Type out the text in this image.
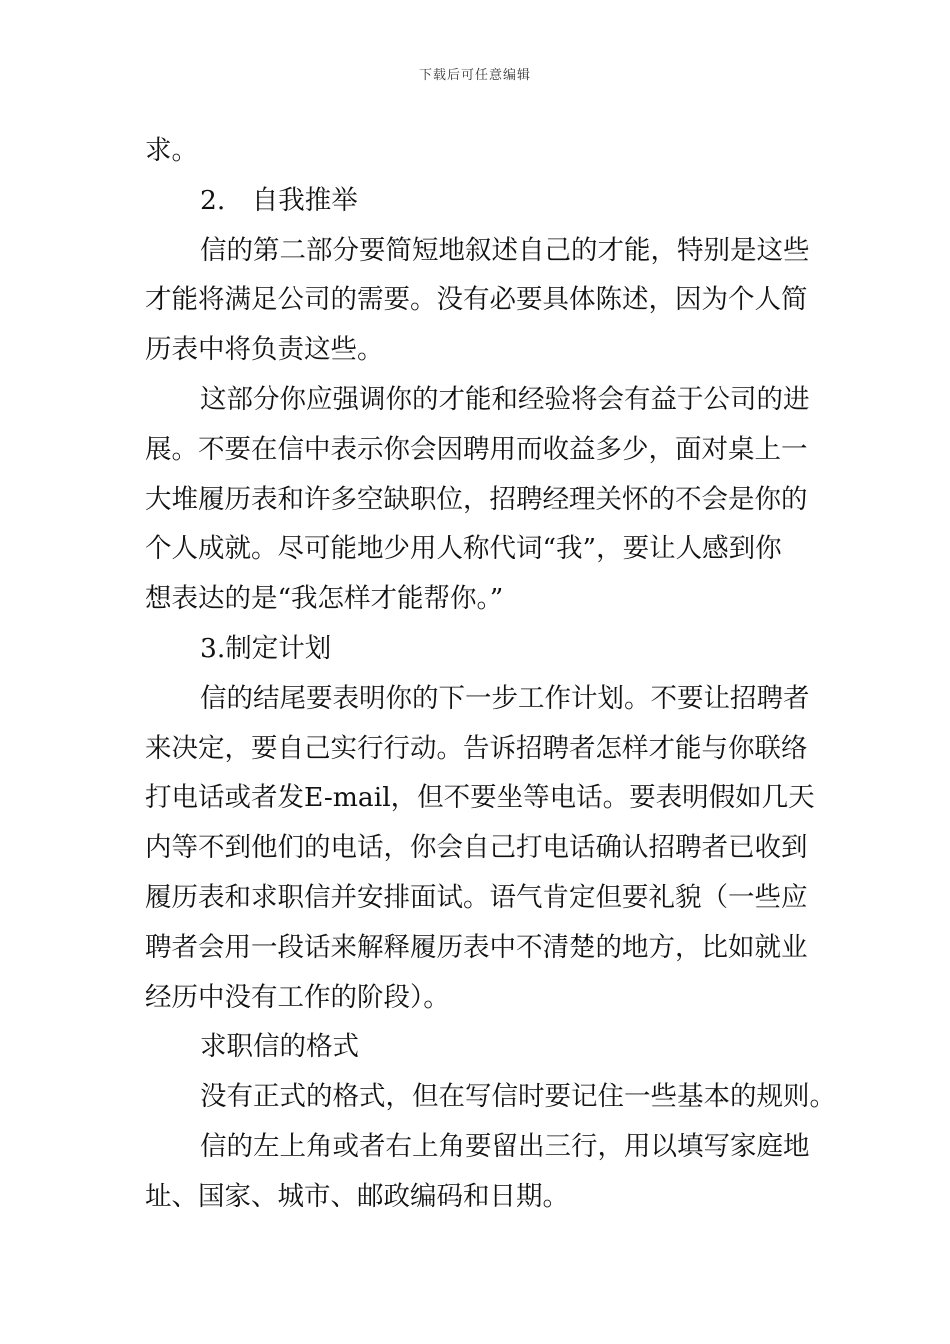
下载后可任意编辑
求。
2.　自我推举
信的第二部分要简短地叙述自己的才能，特别是这些
才能将满足公司的需要。没有必要具体陈述，因为个人简
历表中将负责这些。
这部分你应强调你的才能和经验将会有益于公司的进
展。不要在信中表示你会因聘用而收益多少，面对桌上一
大堆履历表和许多空缺职位，招聘经理关怀的不会是你的
个人成就。尽可能地少用人称代词“我”，要让人感到你
想表达的是“我怎样才能帮你。”
3.制定计划
信的结尾要表明你的下一步工作计划。不要让招聘者
来决定，要自己实行行动。告诉招聘者怎样才能与你联络
打电话或者发E-mail，但不要坐等电话。要表明假如几天
内等不到他们的电话，你会自己打电话确认招聘者已收到
履历表和求职信并安排面试。语气肯定但要礼貌（一些应
聘者会用一段话来解释履历表中不清楚的地方，比如就业
经历中没有工作的阶段）。
求职信的格式
没有正式的格式，但在写信时要记住一些基本的规则。
信的左上角或者右上角要留出三行，用以填写家庭地
址、国家、城市、邮政编码和日期。
